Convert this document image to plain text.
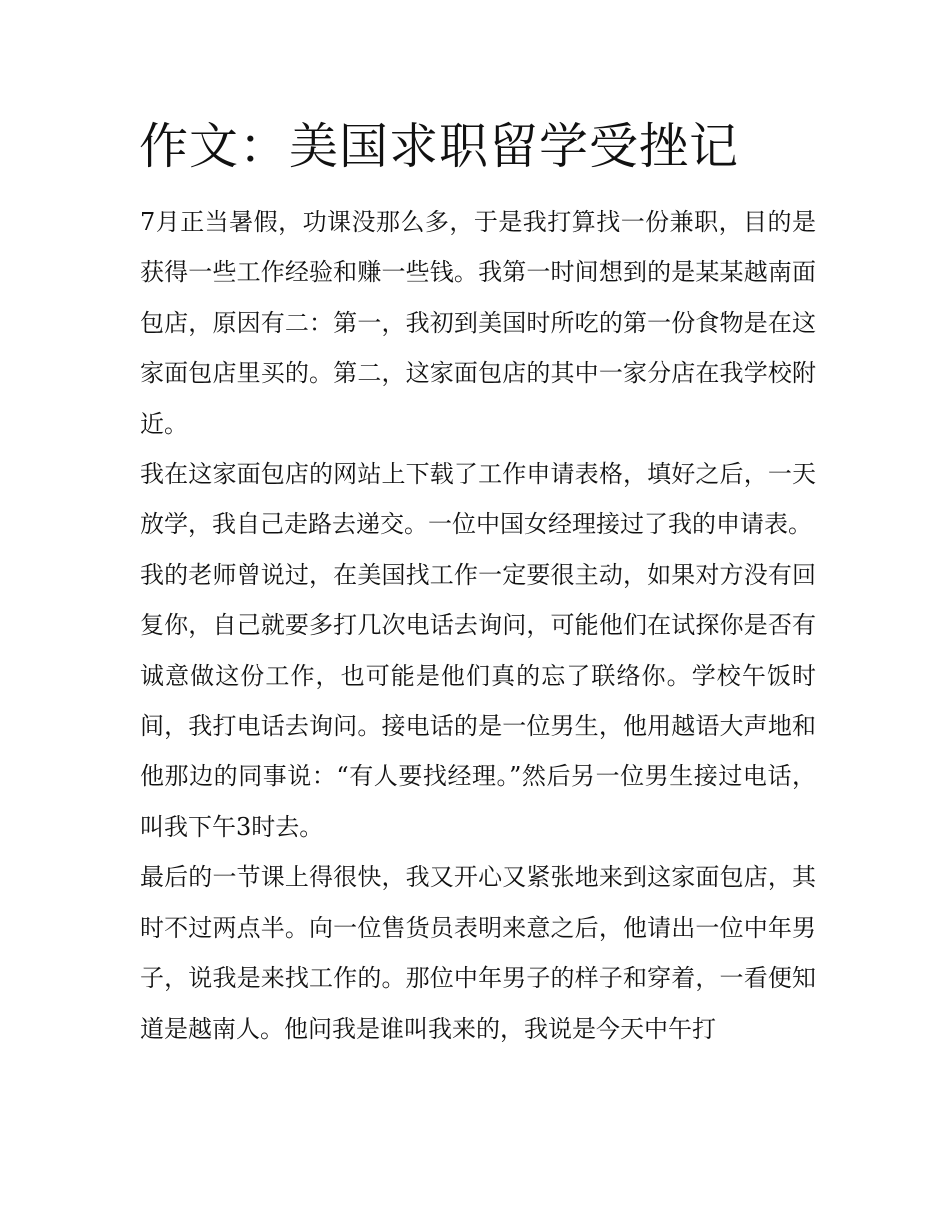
作文：美国求职留学受挫记

7月正当暑假，功课没那么多，于是我打算找一份兼职，目的是获得一些工作经验和赚一些钱。我第一时间想到的是某某越南面包店，原因有二：第一，我初到美国时所吃的第一份食物是在这家面包店里买的。第二，这家面包店的其中一家分店在我学校附近。

我在这家面包店的网站上下载了工作申请表格，填好之后，一天放学，我自己走路去递交。一位中国女经理接过了我的申请表。

我的老师曾说过，在美国找工作一定要很主动，如果对方没有回复你，自己就要多打几次电话去询问，可能他们在试探你是否有诚意做这份工作，也可能是他们真的忘了联络你。学校午饭时间，我打电话去询问。接电话的是一位男生，他用越语大声地和他那边的同事说：“有人要找经理。”然后另一位男生接过电话，叫我下午3时去。

最后的一节课上得很快，我又开心又紧张地来到这家面包店，其时不过两点半。向一位售货员表明来意之后，他请出一位中年男子，说我是来找工作的。那位中年男子的样子和穿着，一看便知道是越南人。他问我是谁叫我来的，我说是今天中午打
